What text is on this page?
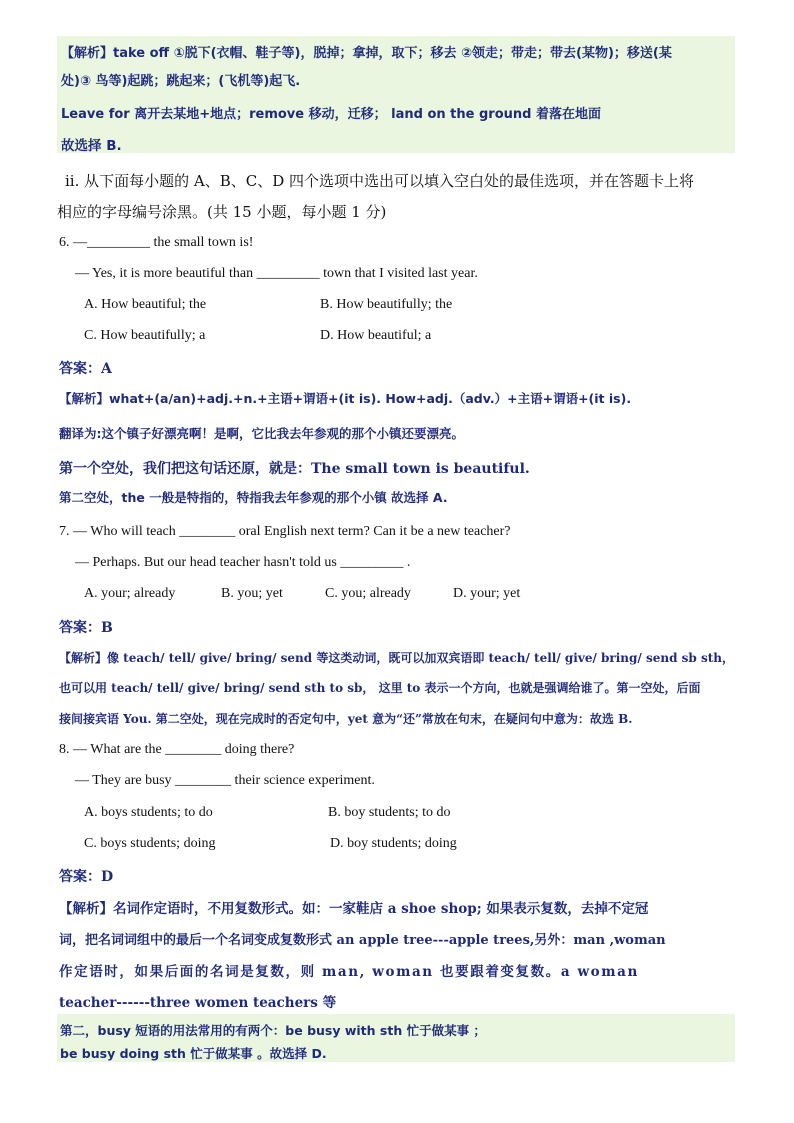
【解析】take off ①脱下(衣帽、鞋子等)，脱掉；拿掉，取下；移去 ②领走；带走；带去(某物)；移送(某
处)③ 鸟等)起跳；跳起来；(飞机等)起飞.
Leave for 离开去某地+地点；remove 移动，迁移； land on the ground 着落在地面
故选择 B.
ii. 从下面每小题的 A、B、C、D 四个选项中选出可以填入空白处的最佳选项，并在答题卡上将
相应的字母编号涂黑。(共 15 小题，每小题 1 分)
6. —_________ the small town is!
— Yes, it is more beautiful than _________ town that I visited last year.
A. How beautiful; the	B. How beautifully; the
C. How beautifully; a	D. How beautiful; a
答案：A
【解析】what+(a/an)+adj.+n.+主语+谓语+(it is). How+adj.（adv.）+主语+谓语+(it is).
翻译为:这个镇子好漂亮啊！是啊，它比我去年参观的那个小镇还要漂亮。
第一个空处，我们把这句话还原，就是：The small town is beautiful.
第二空处，the 一般是特指的，特指我去年参观的那个小镇 故选择 A.
7. — Who will teach ________ oral English next term? Can it be a new teacher?
— Perhaps. But our head teacher hasn't told us _________ .
A. your; already	B. you; yet	C. you; already	D. your; yet
答案：B
【解析】像 teach/ tell/ give/ bring/ send 等这类动词，既可以加双宾语即 teach/ tell/ give/ bring/ send sb sth，
也可以用 teach/ tell/ give/ bring/ send sth to sb， 这里 to 表示一个方向，也就是强调给谁了。第一空处，后面
接间接宾语 You. 第二空处，现在完成时的否定句中，yet 意为“还”常放在句末，在疑问句中意为：故选 B.
8. — What are the ________ doing there?
— They are busy ________ their science experiment.
A. boys students; to do	B. boy students; to do
C. boys students; doing	D. boy students; doing
答案：D
【解析】名词作定语时，不用复数形式。如：一家鞋店 a shoe shop; 如果表示复数，去掉不定冠
词，把名词词组中的最后一个名词变成复数形式 an apple tree---apple trees,另外：man ,woman
作定语时，如果后面的名词是复数，则 man, woman 也要跟着变复数。a woman
teacher------three women teachers 等
第二，busy 短语的用法常用的有两个：be busy with sth 忙于做某事 ；
be busy doing sth 忙于做某事 。故选择 D.
